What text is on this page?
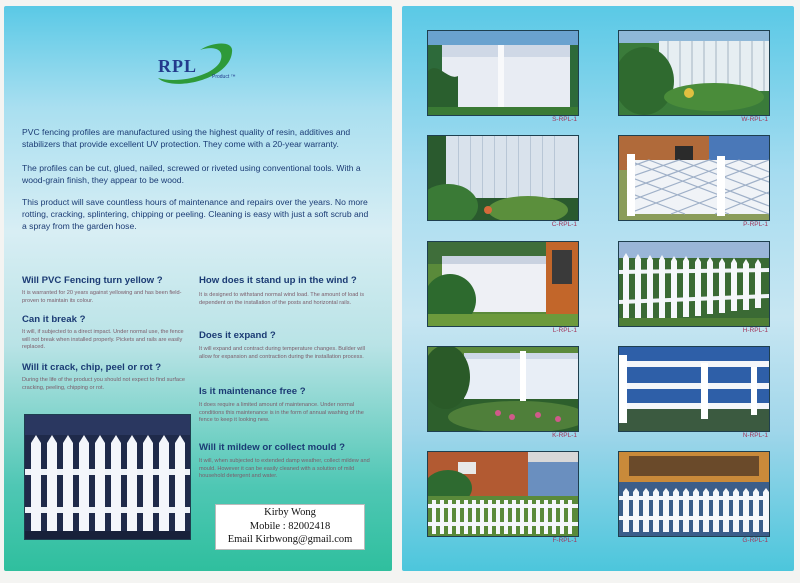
RPL
Product ™

PVC fencing profiles are manufactured using the highest quality of resin, additives and stabilizers that provide excellent UV protection. They come with a 20-year warranty.

The profiles can be cut, glued, nailed, screwed or riveted using conventional tools. With a wood-grain finish, they appear to be wood.

This product will save countless hours of maintenance and repairs over the years. No more rotting, cracking, splintering, chipping or peeling. Cleaning is easy with just a soft scrub and a spray from the garden hose.

Will PVC Fencing turn yellow ?

It is warranted for 20 years against yellowing and has been field-proven to maintain its colour.

Can it break ?

It will, if subjected to a direct impact. Under normal use, the fence will not break when installed properly. Pickets and rails are easily replaced.

Will it crack, chip, peel or rot ?

During the life of the product you should not expect to find surface cracking, peeling, chipping or rot.

How does it stand up in the wind ?

It is designed to withstand normal wind load. The amount of load is dependent on the installation of the posts and horizontal rails.

Does it expand ?

It will expand and contract during temperature changes. Builder will allow for expansion and contraction during the installation process.

Is it maintenance free ?

It does require a limited amount of maintenance. Under normal conditions this maintenance is in the form of annual washing of the fence to keep it looking new.

Will it mildew or collect mould ?

It will, when subjected to extended damp weather, collect mildew and mould. However it can be easily cleaned with a solution of mild household detergent and water.

Kirby Wong
Mobile : 82002418
Email Kirbwong@gmail.com
S-RPL-1	W-RPL-1
C-RPL-1	P-RPL-1
L-RPL-1	H-RPL-1
K-RPL-1	N-RPL-1
F-RPL-1	G-RPL-1
